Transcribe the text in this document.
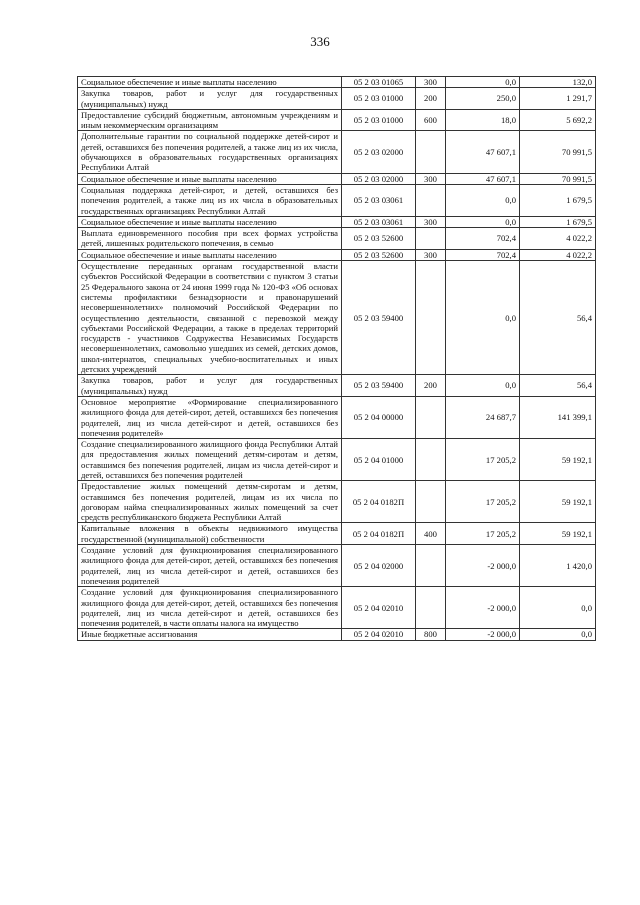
336
Социальное обеспечение и иные выплаты населению	05 2 03 01065	300	0,0	132,0
Закупка товаров, работ и услуг для государственных (муниципальных) нужд	05 2 03 01000	200	250,0	1 291,7
Предоставление субсидий бюджетным, автономным учреждениям и иным некоммерческим организациям	05 2 03 01000	600	18,0	5 692,2
Дополнительные гарантии по социальной поддержке детей-сирот и детей, оставшихся без попечения родителей, а также лиц из их числа, обучающихся в образовательных государственных организациях Республики Алтай	05 2 03 02000		47 607,1	70 991,5
Социальное обеспечение и иные выплаты населению	05 2 03 02000	300	47 607,1	70 991,5
Социальная поддержка детей-сирот, и детей, оставшихся без попечения родителей, а также лиц из их числа в образовательных государственных организациях Республики Алтай	05 2 03 03061		0,0	1 679,5
Социальное обеспечение и иные выплаты населению	05 2 03 03061	300	0,0	1 679,5
Выплата единовременного пособия при всех формах устройства детей, лишенных родительского попечения, в семью	05 2 03 52600		702,4	4 022,2
Социальное обеспечение и иные выплаты населению	05 2 03 52600	300	702,4	4 022,2
Осуществление переданных органам государственной власти субъектов Российской Федерации в соответствии с пунктом 3 статьи 25 Федерального закона от 24 июня 1999 года № 120-ФЗ «Об основах системы профилактики безнадзорности и правонарушений несовершеннолетних» полномочий Российской Федерации по осуществлению деятельности, связанной с перевозкой между субъектами Российской Федерации, а также в пределах территорий государств - участников Содружества Независимых Государств несовершеннолетних, самовольно ушедших из семей, детских домов, школ-интернатов, специальных учебно-воспитательных и иных детских учреждений	05 2 03 59400		0,0	56,4
Закупка товаров, работ и услуг для государственных (муниципальных) нужд	05 2 03 59400	200	0,0	56,4
Основное мероприятие «Формирование специализированного жилищного фонда для детей-сирот, детей, оставшихся без попечения родителей, лиц из числа детей-сирот и детей, оставшихся без попечения родителей»	05 2 04 00000		24 687,7	141 399,1
Создание специализированного жилищного фонда Республики Алтай для предоставления жилых помещений детям-сиротам и детям, оставшимся без попечения родителей, лицам из числа детей-сирот и детей, оставшихся без попечения родителей	05 2 04 01000		17 205,2	59 192,1
Предоставление жилых помещений детям-сиротам и детям, оставшимся без попечения родителей, лицам из их числа по договорам найма специализированных жилых помещений за счет средств республиканского бюджета Республики Алтай	05 2 04 0182П		17 205,2	59 192,1
Капитальные вложения в объекты недвижимого имущества государственной (муниципальной) собственности	05 2 04 0182П	400	17 205,2	59 192,1
Создание условий для функционирования специализированного жилищного фонда для детей-сирот, детей, оставшихся без попечения родителей, лиц из числа детей-сирот и детей, оставшихся без попечения родителей	05 2 04 02000		-2 000,0	1 420,0
Создание условий для функционирования специализированного жилищного фонда для детей-сирот, детей, оставшихся без попечения родителей, лиц из числа детей-сирот и детей, оставшихся без попечения родителей, в части оплаты налога на имущество	05 2 04 02010		-2 000,0	0,0
Иные бюджетные ассигнования	05 2 04 02010	800	-2 000,0	0,0
